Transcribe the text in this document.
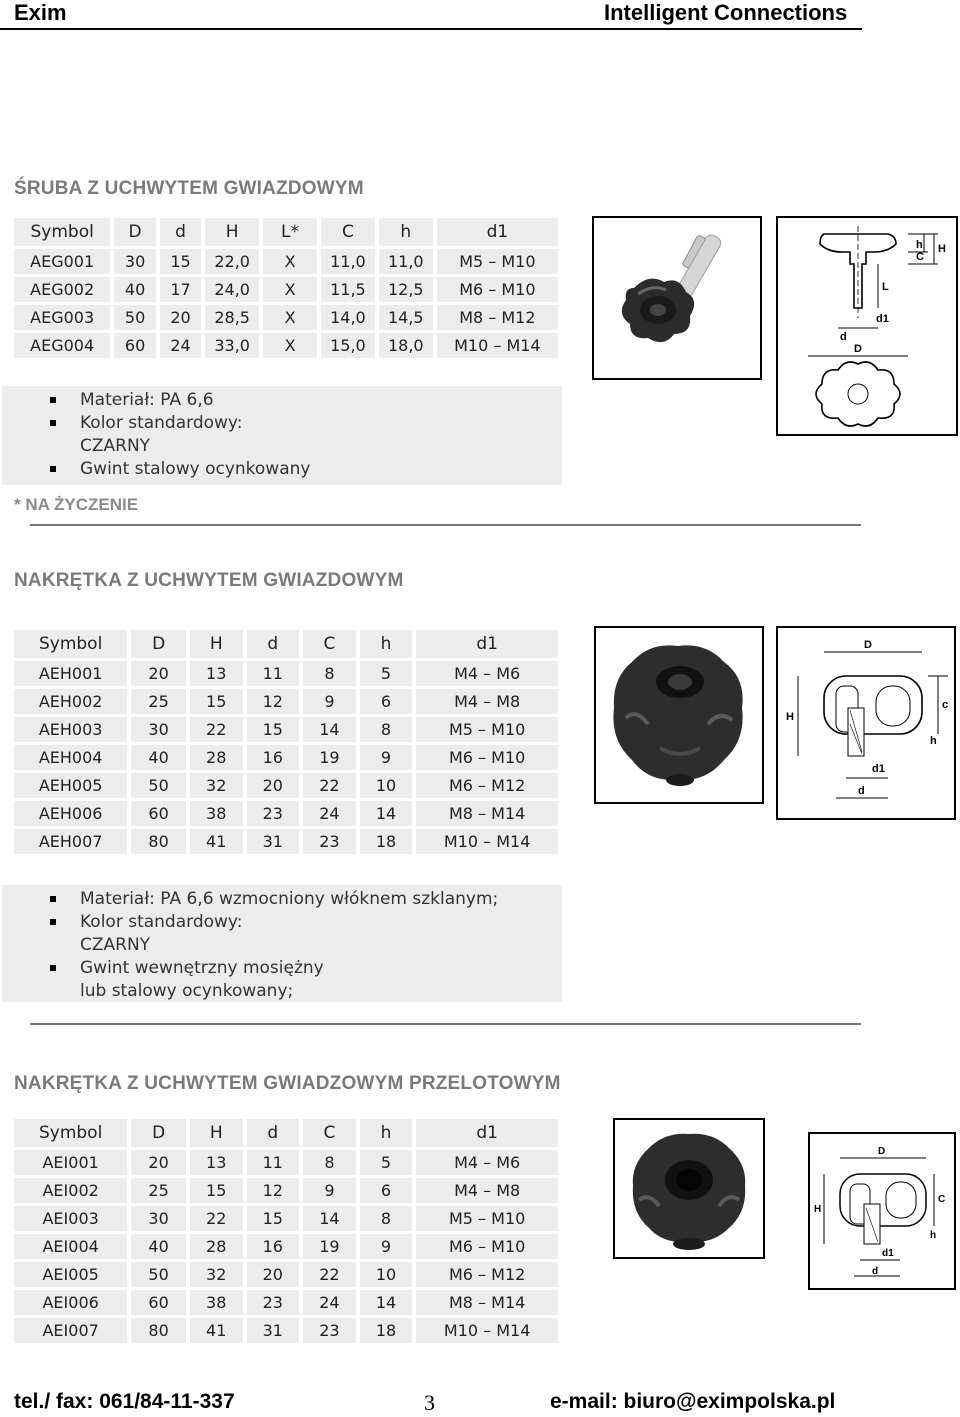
Exim	Intelligent Connections
ŚRUBA Z UCHWYTEM GWIAZDOWYM
Symbol	D	d	H	L*	C	h	d1
AEG001	30	15	22,0	X	11,0	11,0	M5 – M10
AEG002	40	17	24,0	X	11,5	12,5	M6 – M10
AEG003	50	20	28,5	X	14,0	14,5	M8 – M12
AEG004	60	24	33,0	X	15,0	18,0	M10 – M14
Materiał: PA 6,6
Kolor standardowy:
CZARNY
Gwint stalowy ocynkowany
* NA ŻYCZENIE
h
C
H
L
d
d1
D
NAKRĘTKA Z UCHWYTEM GWIAZDOWYM
Symbol	D	H	d	C	h	d1
AEH001	20	13	11	8	5	M4 – M6
AEH002	25	15	12	9	6	M4 – M8
AEH003	30	22	15	14	8	M5 – M10
AEH004	40	28	16	19	9	M6 – M10
AEH005	50	32	20	22	10	M6 – M12
AEH006	60	38	23	24	14	M8 – M14
AEH007	80	41	31	23	18	M10 – M14
Materiał: PA 6,6 wzmocniony włóknem szklanym;
Kolor standardowy:
CZARNY
Gwint wewnętrzny mosiężny
lub stalowy ocynkowany;
D
H
c
h
d1
d
NAKRĘTKA Z UCHWYTEM GWIADZOWYM PRZELOTOWYM
Symbol	D	H	d	C	h	d1
AEI001	20	13	11	8	5	M4 – M6
AEI002	25	15	12	9	6	M4 – M8
AEI003	30	22	15	14	8	M5 – M10
AEI004	40	28	16	19	9	M6 – M10
AEI005	50	32	20	22	10	M6 – M12
AEI006	60	38	23	24	14	M8 – M14
AEI007	80	41	31	23	18	M10 – M14
D
H
C
h
d1
d
tel./ fax: 061/84-11-337	3	e-mail: biuro@eximpolska.pl
